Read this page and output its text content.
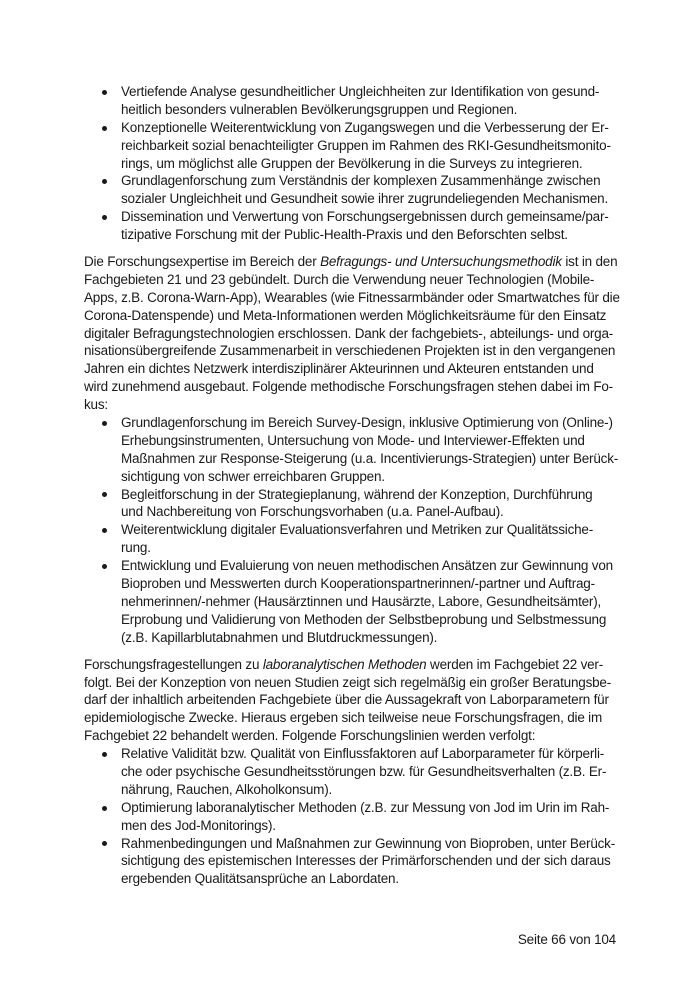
Vertiefende Analyse gesundheitlicher Ungleichheiten zur Identifikation von gesund-
heitlich besonders vulnerablen Bevölkerungsgruppen und Regionen.
Konzeptionelle Weiterentwicklung von Zugangswegen und die Verbesserung der Er-
reichbarkeit sozial benachteiligter Gruppen im Rahmen des RKI-Gesundheitsmonito-
rings, um möglichst alle Gruppen der Bevölkerung in die Surveys zu integrieren.
Grundlagenforschung zum Verständnis der komplexen Zusammenhänge zwischen
sozialer Ungleichheit und Gesundheit sowie ihrer zugrundeliegenden Mechanismen.
Dissemination und Verwertung von Forschungsergebnissen durch gemeinsame/par-
tizipative Forschung mit der Public-Health-Praxis und den Beforschten selbst.
Die Forschungsexpertise im Bereich der Befragungs- und Untersuchungsmethodik ist in den
Fachgebieten 21 und 23 gebündelt. Durch die Verwendung neuer Technologien (Mobile-
Apps, z.B. Corona-Warn-App), Wearables (wie Fitnessarmbänder oder Smartwatches für die
Corona-Datenspende) und Meta-Informationen werden Möglichkeitsräume für den Einsatz
digitaler Befragungstechnologien erschlossen. Dank der fachgebiets-, abteilungs- und orga-
nisationsübergreifende Zusammenarbeit in verschiedenen Projekten ist in den vergangenen
Jahren ein dichtes Netzwerk interdisziplinärer Akteurinnen und Akteuren entstanden und
wird zunehmend ausgebaut. Folgende methodische Forschungsfragen stehen dabei im Fo-
kus:
Grundlagenforschung im Bereich Survey-Design, inklusive Optimierung von (Online-)
Erhebungsinstrumenten, Untersuchung von Mode- und Interviewer-Effekten und
Maßnahmen zur Response-Steigerung (u.a. Incentivierungs-Strategien) unter Berück-
sichtigung von schwer erreichbaren Gruppen.
Begleitforschung in der Strategieplanung, während der Konzeption, Durchführung
und Nachbereitung von Forschungsvorhaben (u.a. Panel-Aufbau).
Weiterentwicklung digitaler Evaluationsverfahren und Metriken zur Qualitätssiche-
rung.
Entwicklung und Evaluierung von neuen methodischen Ansätzen zur Gewinnung von
Bioproben und Messwerten durch Kooperationspartnerinnen/-partner und Auftrag-
nehmerinnen/-nehmer (Hausärztinnen und Hausärzte, Labore, Gesundheitsämter),
Erprobung und Validierung von Methoden der Selbstbeprobung und Selbstmessung
(z.B. Kapillarblutabnahmen und Blutdruckmessungen).
Forschungsfragestellungen zu laboranalytischen Methoden werden im Fachgebiet 22 ver-
folgt. Bei der Konzeption von neuen Studien zeigt sich regelmäßig ein großer Beratungsbe-
darf der inhaltlich arbeitenden Fachgebiete über die Aussagekraft von Laborparametern für
epidemiologische Zwecke. Hieraus ergeben sich teilweise neue Forschungsfragen, die im
Fachgebiet 22 behandelt werden. Folgende Forschungslinien werden verfolgt:
Relative Validität bzw. Qualität von Einflussfaktoren auf Laborparameter für körperli-
che oder psychische Gesundheitsstörungen bzw. für Gesundheitsverhalten (z.B. Er-
nährung, Rauchen, Alkoholkonsum).
Optimierung laboranalytischer Methoden (z.B. zur Messung von Jod im Urin im Rah-
men des Jod-Monitorings).
Rahmenbedingungen und Maßnahmen zur Gewinnung von Bioproben, unter Berück-
sichtigung des epistemischen Interesses der Primärforschenden und der sich daraus
ergebenden Qualitätsansprüche an Labordaten.
Seite 66 von 104
